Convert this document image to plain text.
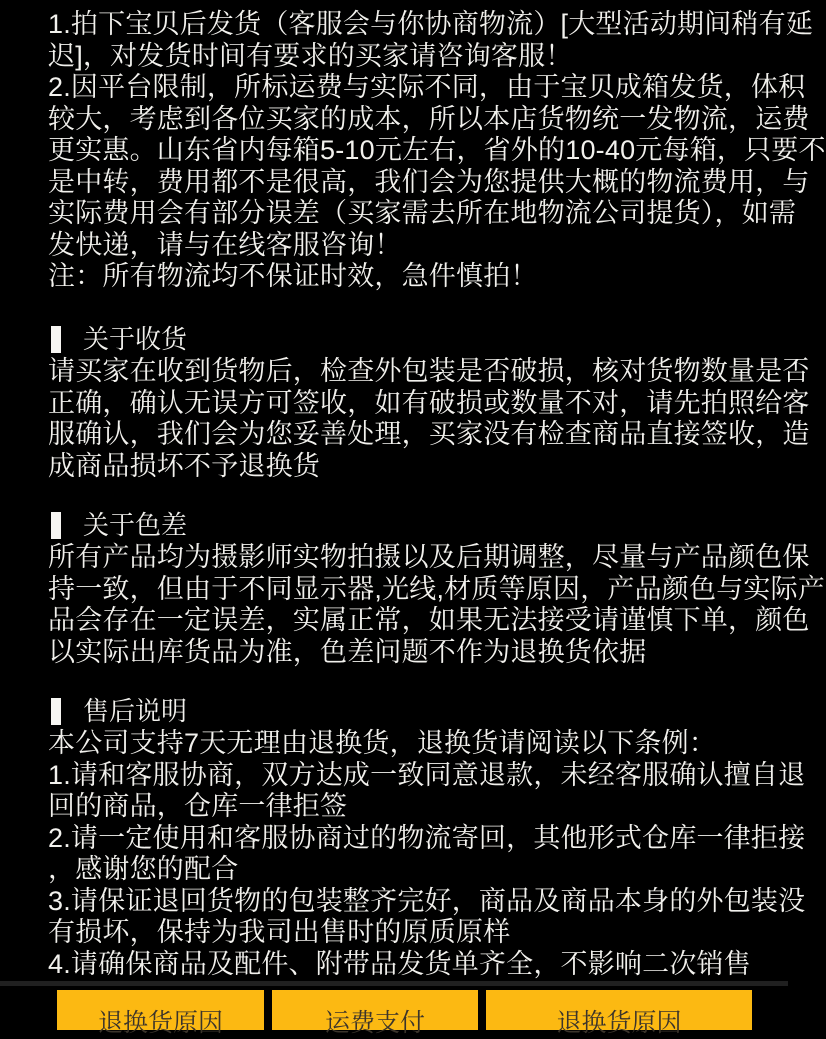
1.拍下宝贝后发货（客服会与你协商物流）[大型活动期间稍有延
迟]，对发货时间有要求的买家请咨询客服！
2.因平台限制，所标运费与实际不同，由于宝贝成箱发货，体积
较大，考虑到各位买家的成本，所以本店货物统一发物流，运费
更实惠。山东省内每箱5-10元左右，省外的10-40元每箱，只要不
是中转，费用都不是很高，我们会为您提供大概的物流费用，与
实际费用会有部分误差（买家需去所在地物流公司提货），如需
发快递，请与在线客服咨询！
注：所有物流均不保证时效，急件慎拍！
关于收货
请买家在收到货物后，检查外包装是否破损，核对货物数量是否
正确，确认无误方可签收，如有破损或数量不对，请先拍照给客
服确认，我们会为您妥善处理，买家没有检查商品直接签收，造
成商品损坏不予退换货
关于色差
所有产品均为摄影师实物拍摄以及后期调整，尽量与产品颜色保
持一致，但由于不同显示器,光线,材质等原因，产品颜色与实际产
品会存在一定误差，实属正常，如果无法接受请谨慎下单，颜色
以实际出库货品为准，色差问题不作为退换货依据
售后说明
本公司支持7天无理由退换货，退换货请阅读以下条例：
1.请和客服协商，双方达成一致同意退款，未经客服确认擅自退
回的商品，仓库一律拒签
2.请一定使用和客服协商过的物流寄回，其他形式仓库一律拒接
，感谢您的配合
3.请保证退回货物的包装整齐完好，商品及商品本身的外包装没
有损坏，保持为我司出售时的原质原样
4.请确保商品及配件、附带品发货单齐全，不影响二次销售
退换货原因	运费支付	退换货原因
